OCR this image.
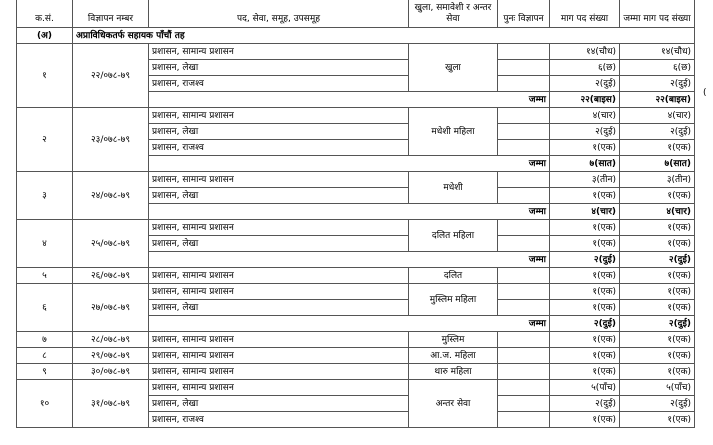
क.सं.	विज्ञापन नम्बर	पद, सेवा, समूह, उपसमूह	खुला, समावेशी र अन्तर सेवा	पुनः विज्ञापन	माग पद संख्या	जम्मा माग पद संख्या
(अ)	अप्राविधिकतर्फ सहायक पाँचौं तह					
१	२२/०७८-७९	प्रशासन, सामान्य प्रशासन	खुला		१४(चौध)	१४(चौध)
		प्रशासन, लेखा			६(छ)	६(छ)
		प्रशासन, राजश्व			२(दुई)	२(दुई)
		जम्मा			२२(बाइस)	२२(बाइस)
२	२३/०७८-७९	प्रशासन, सामान्य प्रशासन	मधेशी महिला		४(चार)	४(चार)
		प्रशासन, लेखा			२(दुई)	२(दुई)
		प्रशासन, राजश्व			१(एक)	१(एक)
		जम्मा			७(सात)	७(सात)
३	२४/०७८-७९	प्रशासन, सामान्य प्रशासन	मधेशी		३(तीन)	३(तीन)
		प्रशासन, लेखा			१(एक)	१(एक)
		जम्मा			४(चार)	४(चार)
४	२५/०७८-७९	प्रशासन, सामान्य प्रशासन	दलित महिला		१(एक)	१(एक)
		प्रशासन, लेखा			१(एक)	१(एक)
		जम्मा			२(दुई)	२(दुई)
५	२६/०७८-७९	प्रशासन, सामान्य प्रशासन	दलित		१(एक)	१(एक)
६	२७/०७८-७९	प्रशासन, सामान्य प्रशासन	मुस्लिम महिला		१(एक)	१(एक)
		प्रशासन, लेखा			१(एक)	१(एक)
		जम्मा			२(दुई)	२(दुई)
७	२८/०७८-७९	प्रशासन, सामान्य प्रशासन	मुस्लिम		१(एक)	१(एक)
८	२९/०७८-७९	प्रशासन, सामान्य प्रशासन	आ.ज. महिला		१(एक)	१(एक)
९	३०/०७८-७९	प्रशासन, सामान्य प्रशासन	थारु महिला		१(एक)	१(एक)
१०	३१/०७८-७९	प्रशासन, सामान्य प्रशासन	अन्तर सेवा		५(पाँच)	५(पाँच)
		प्रशासन, लेखा			२(दुई)	२(दुई)
		प्रशासन, राजश्व			१(एक)	१(एक)
(
